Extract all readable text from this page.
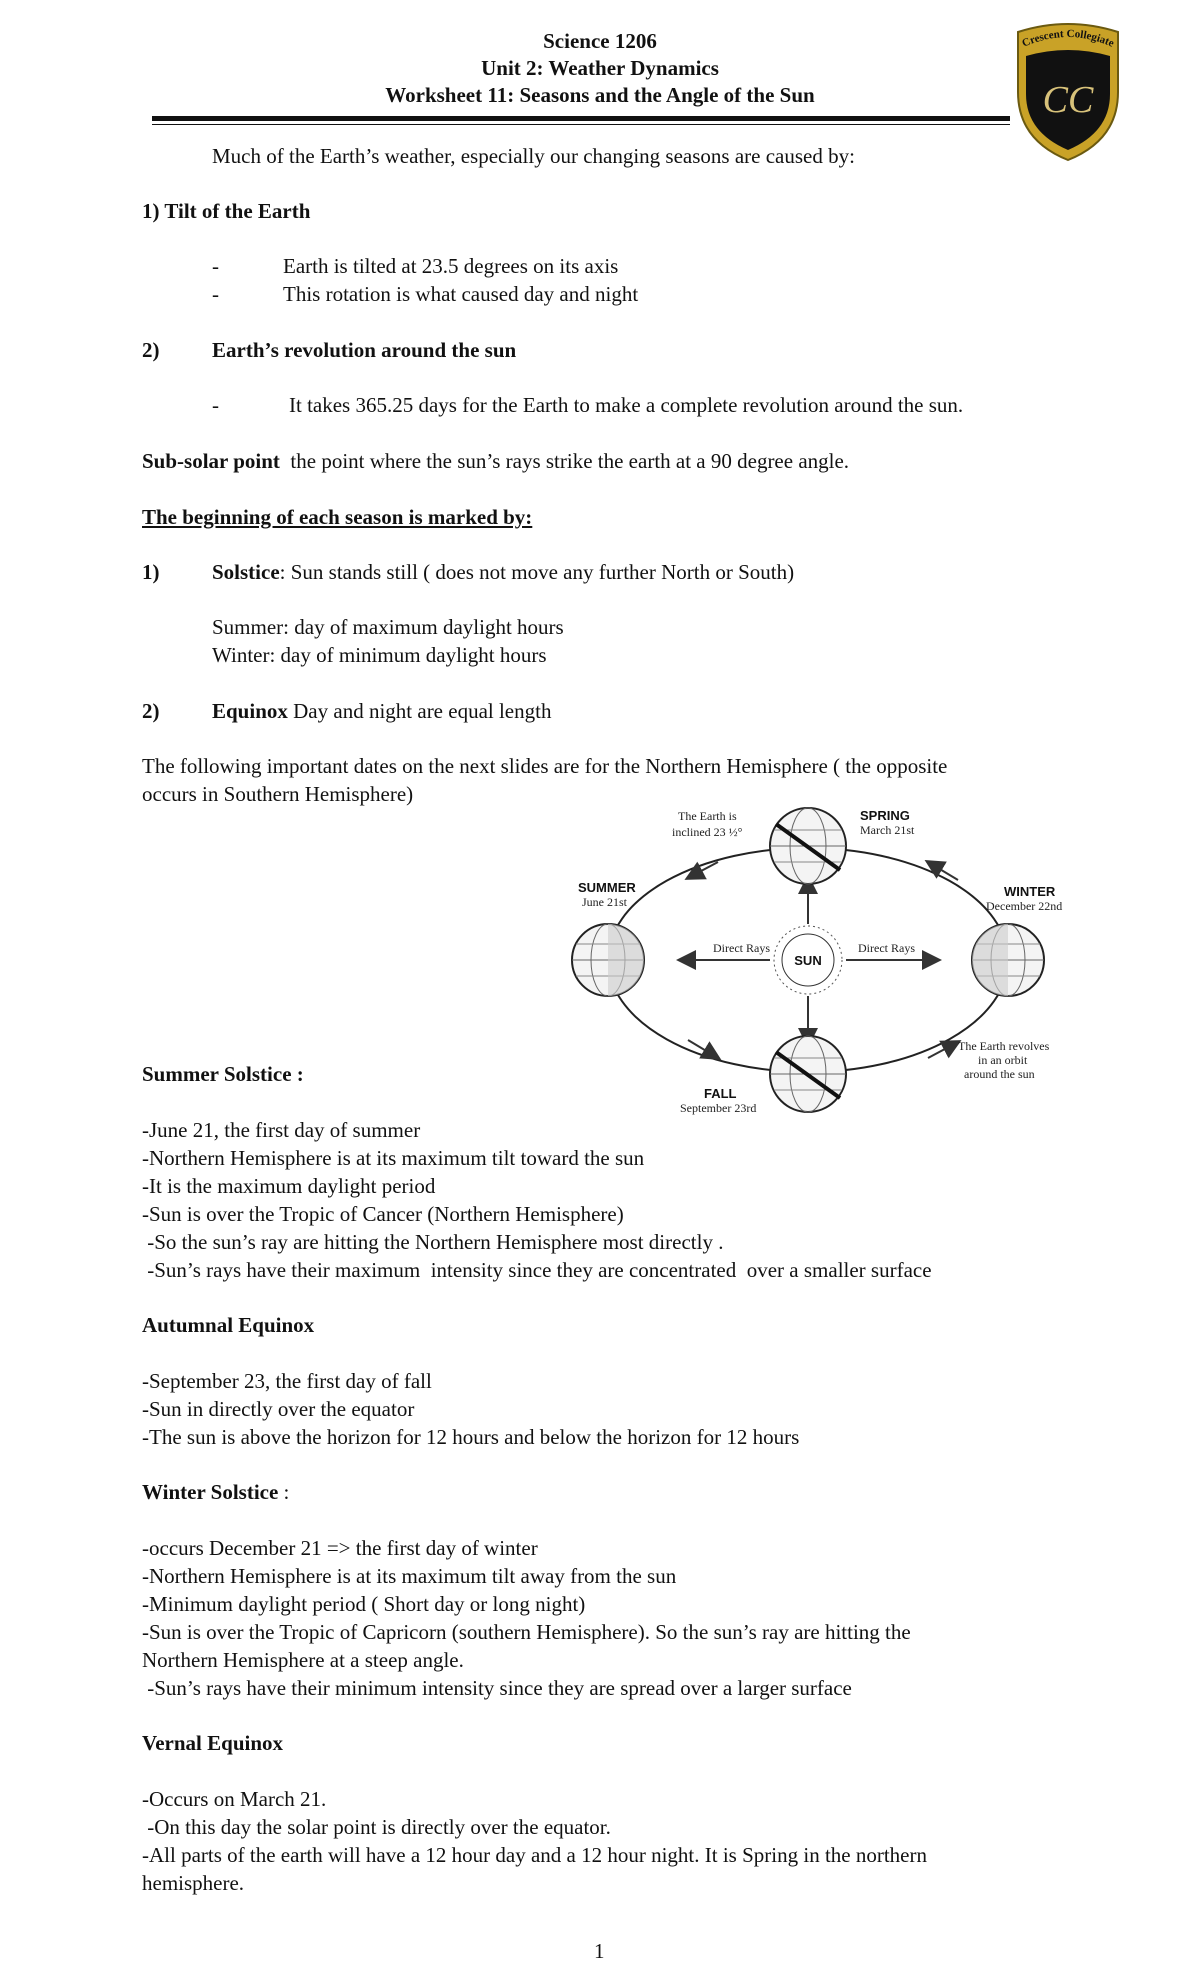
Science 1206
Unit 2: Weather Dynamics
Worksheet 11: Seasons and the Angle of the Sun
Crescent Collegiate
CC
Much of the Earth’s weather, especially our changing seasons are caused by:
1) Tilt of the Earth
-	Earth is tilted at 23.5 degrees on its axis
-	This rotation is what caused day and night
2)	Earth’s revolution around the sun
-	It takes 365.25 days for the Earth to make a complete revolution around the sun.
Sub-solar point the point where the sun’s rays strike the earth at a 90 degree angle.
The beginning of each season is marked by:
1)	Solstice: Sun stands still ( does not move any further North or South)
Summer: day of maximum daylight hours
Winter: day of minimum daylight hours
2)	Equinox Day and night are equal length
The following important dates on the next slides are for the Northern Hemisphere ( the opposite
occurs in Southern Hemisphere)
SUN
Direct Rays	Direct Rays
The Earth is
inclined 23 ½°
SPRING
March 21st
SUMMER
June 21st
WINTER
December 22nd
FALL
September 23rd
The Earth revolves
in an orbit
around the sun
Summer Solstice :
-June 21, the first day of summer
-Northern Hemisphere is at its maximum tilt toward the sun
-It is the maximum daylight period
-Sun is over the Tropic of Cancer (Northern Hemisphere)
-So the sun’s ray are hitting the Northern Hemisphere most directly .
-Sun’s rays have their maximum  intensity since they are concentrated  over a smaller surface
Autumnal Equinox
-September 23, the first day of fall
-Sun in directly over the equator
-The sun is above the horizon for 12 hours and below the horizon for 12 hours
Winter Solstice :
-occurs December 21 => the first day of winter
-Northern Hemisphere is at its maximum tilt away from the sun
-Minimum daylight period ( Short day or long night)
-Sun is over the Tropic of Capricorn (southern Hemisphere). So the sun’s ray are hitting the
Northern Hemisphere at a steep angle.
-Sun’s rays have their minimum intensity since they are spread over a larger surface
Vernal Equinox
-Occurs on March 21.
-On this day the solar point is directly over the equator.
-All parts of the earth will have a 12 hour day and a 12 hour night. It is Spring in the northern
hemisphere.
1
